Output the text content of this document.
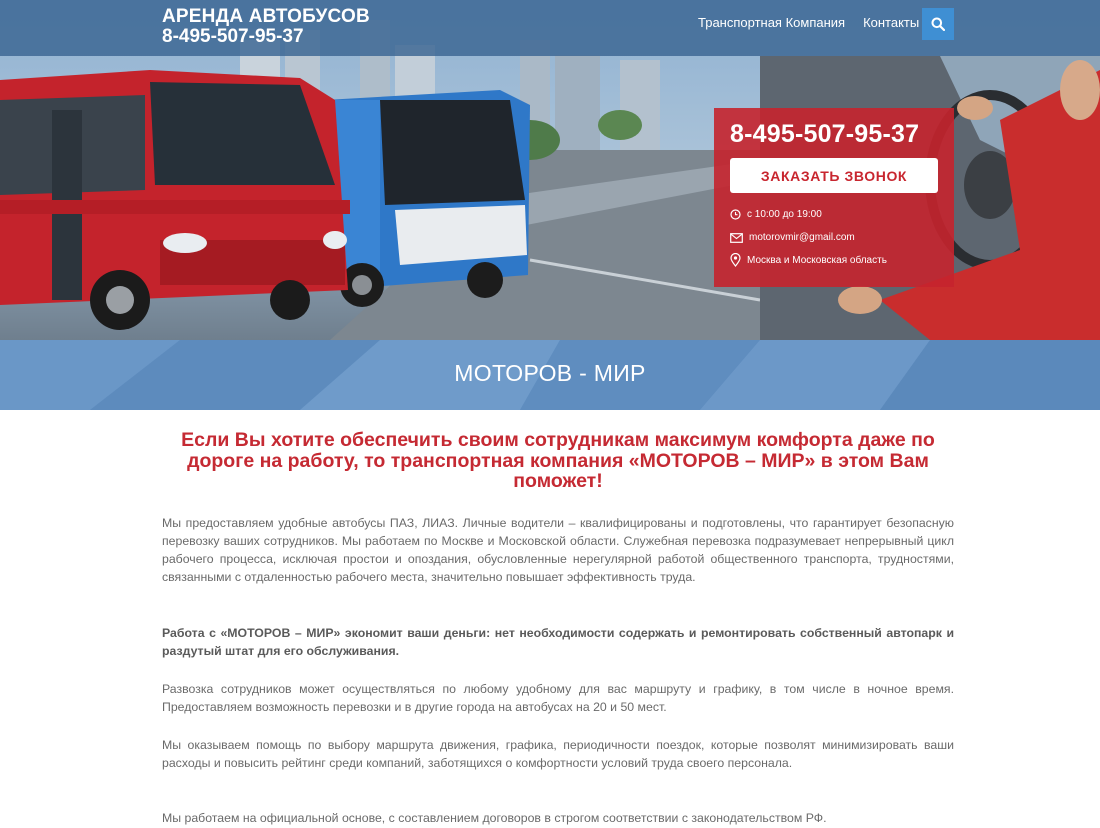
АРЕНДА АВТОБУСОВ
8-495-507-95-37
Транспортная Компания Контакты
8-495-507-95-37
ЗАКАЗАТЬ ЗВОНОК
с 10:00 до 19:00
motorovmir@gmail.com
Москва и Московская область
МОТОРОВ - МИР
Если Вы хотите обеспечить своим сотрудникам максимум комфорта даже по дороге на работу, то транспортная компания «МОТОРОВ – МИР» в этом Вам поможет!

Мы предоставляем удобные автобусы ПАЗ, ЛИАЗ. Личные водители – квалифицированы и подготовлены, что гарантирует безопасную перевозку ваших сотрудников. Мы работаем по Москве и Московской области. Служебная перевозка подразумевает непрерывный цикл рабочего процесса, исключая простои и опоздания, обусловленные нерегулярной работой общественного транспорта, трудностями, связанными с отдаленностью рабочего места, значительно повышает эффективность труда.

Работа с «МОТОРОВ – МИР» экономит ваши деньги: нет необходимости содержать и ремонтировать собственный автопарк и раздутый штат для его обслуживания.

Развозка сотрудников может осуществляться по любому удобному для вас маршруту и графику, в том числе в ночное время. Предоставляем возможность перевозки и в другие города на автобусах на 20 и 50 мест.

Мы оказываем помощь по выбору маршрута движения, графика, периодичности поездок, которые позволят минимизировать ваши расходы и повысить рейтинг среди компаний, заботящихся о комфортности условий труда своего персонала.

Мы работаем на официальной основе, с составлением договоров в строгом соответствии с законодательством РФ.
